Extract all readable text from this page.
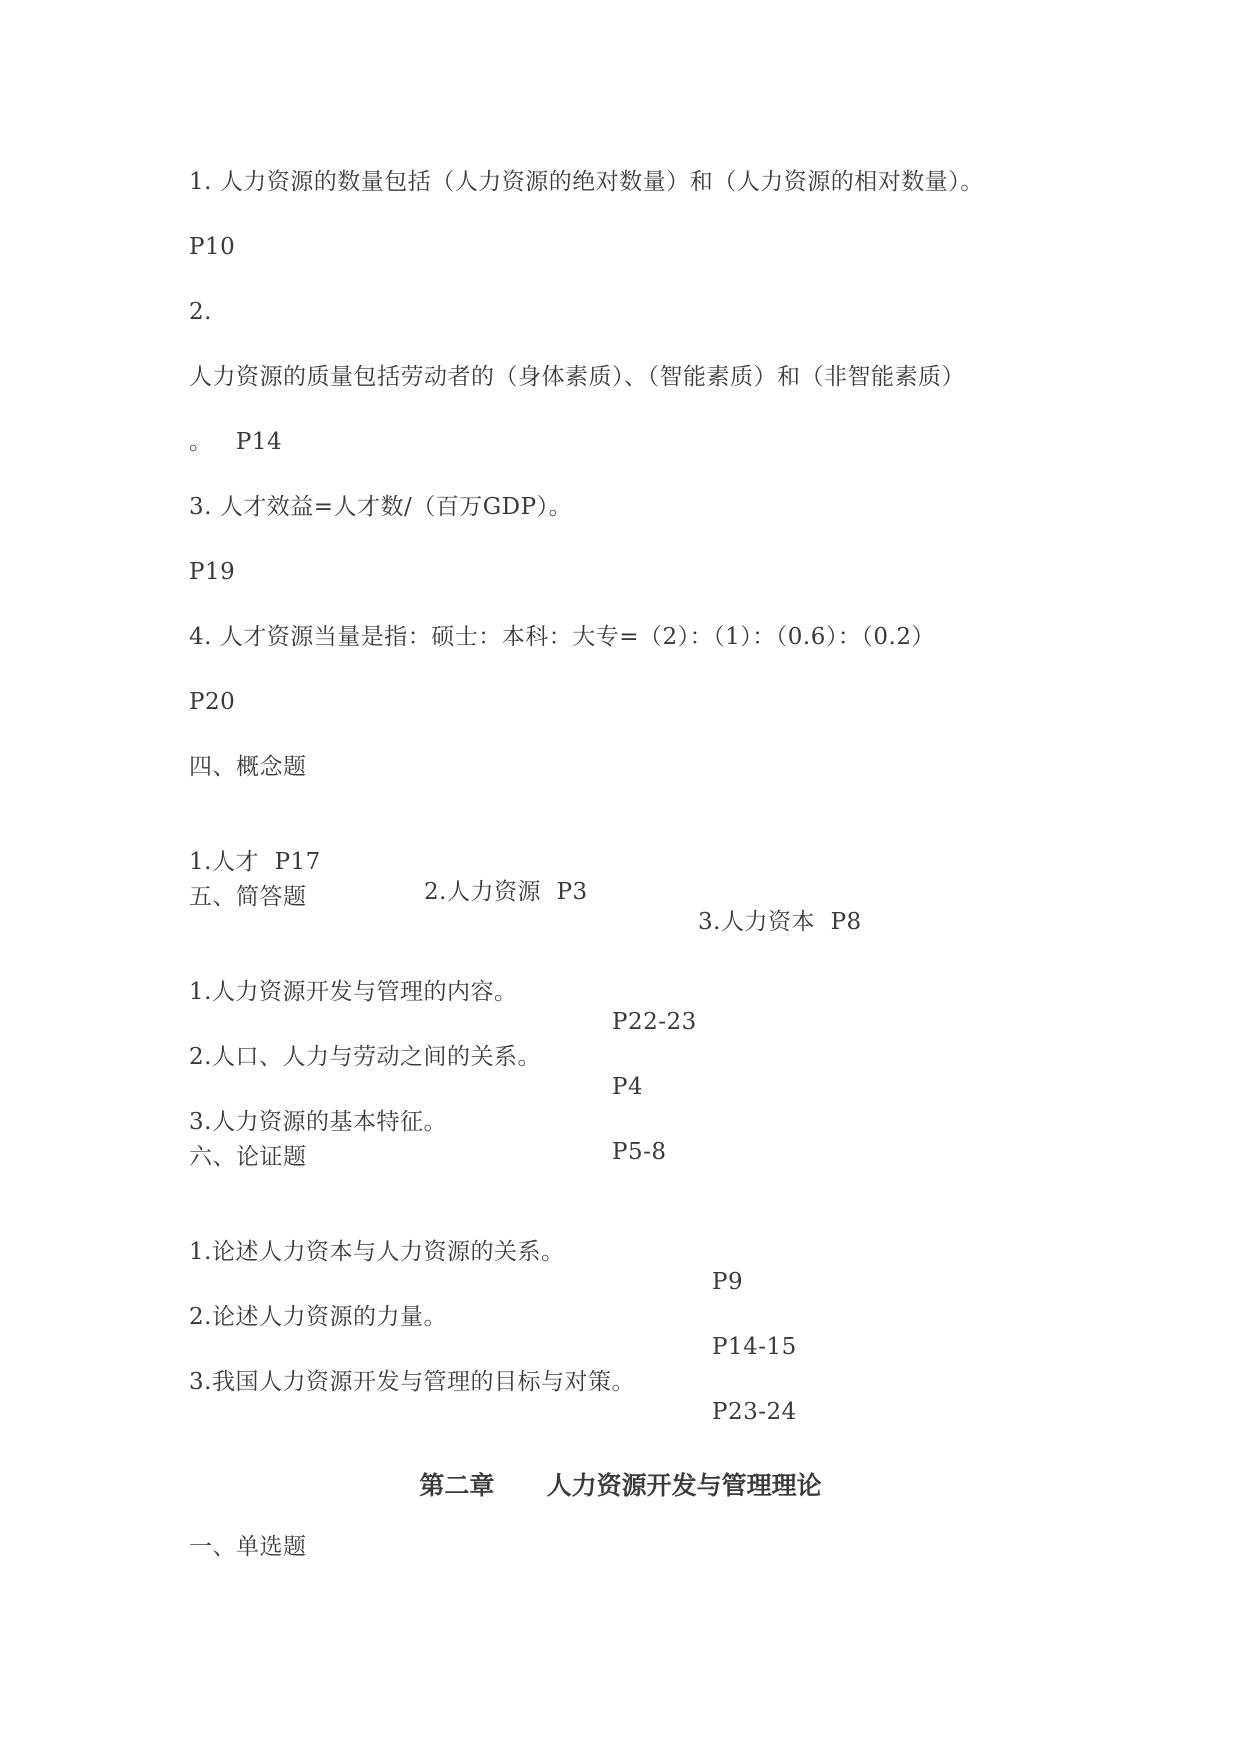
1. 人力资源的数量包括（人力资源的绝对数量）和（人力资源的相对数量）。
P10
2.
人力资源的质量包括劳动者的（身体素质）、（智能素质）和（非智能素质）
。   P14
3. 人才效益=人才数/（百万GDP）。
P19
4. 人才资源当量是指：硕士：本科：大专=（2）：（1）：（0.6）：（0.2）
P20
四、概念题

1.人才  P17

2.人力资源  P3

3.人力资本  P8

五、简答题

1.人力资源开发与管理的内容。

P22-23

2.人口、人力与劳动之间的关系。

P4

3.人力资源的基本特征。

P5-8

六、论证题

1.论述人力资本与人力资源的关系。

P9

2.论述人力资源的力量。

P14-15

3.我国人力资源开发与管理的目标与对策。

P23-24

第二章      人力资源开发与管理理论
一、单选题
